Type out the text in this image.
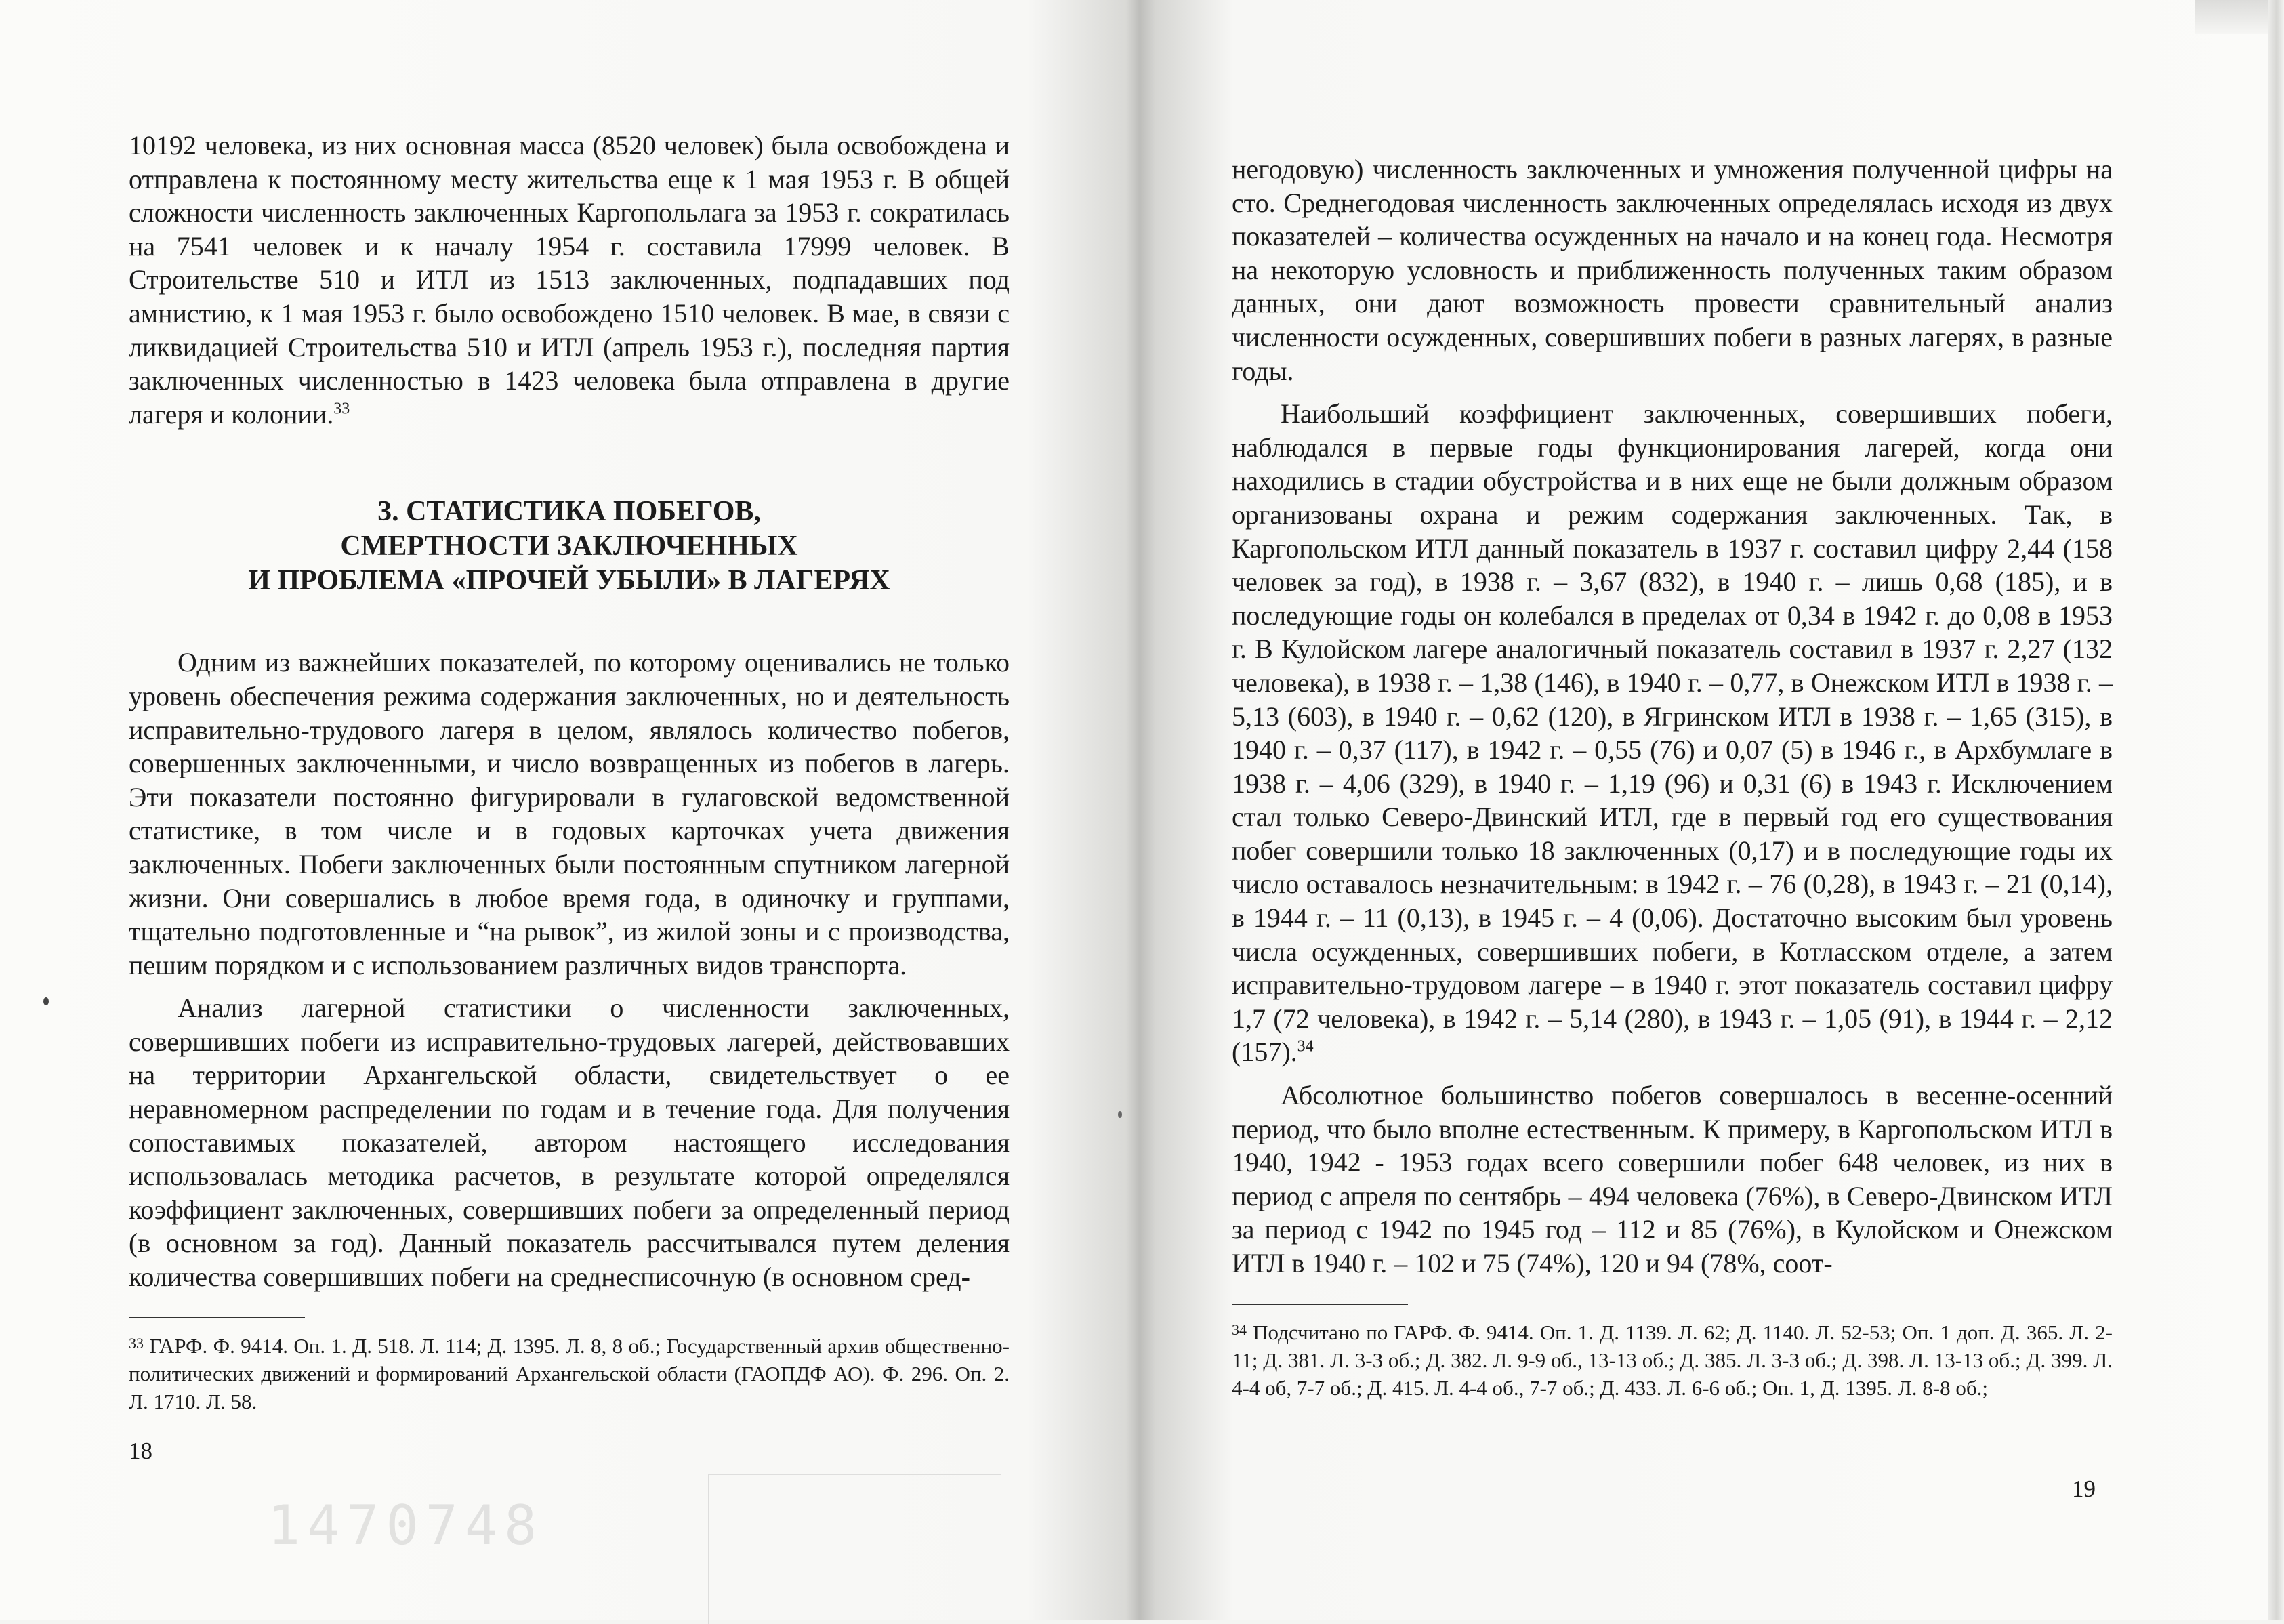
10192 человека, из них основная масса (8520 человек) была освобождена и отправлена к постоянному месту жительства еще к 1 мая 1953 г. В общей сложности численность заключенных Каргопольлага за 1953 г. сократилась на 7541 человек и к началу 1954 г. составила 17999 человек. В Строительстве 510 и ИТЛ из 1513 заключенных, подпадавших под амнистию, к 1 мая 1953 г. было освобождено 1510 человек. В мае, в связи с ликвидацией Строительства 510 и ИТЛ (апрель 1953 г.), последняя партия заключенных численностью в 1423 человека была отправлена в другие лагеря и колонии.$^{33}$

3. СТАТИСТИКА ПОБЕГОВ,
СМЕРТНОСТИ ЗАКЛЮЧЕННЫХ
И ПРОБЛЕМА «ПРОЧЕЙ УБЫЛИ» В ЛАГЕРЯХ

Одним из важнейших показателей, по которому оценивались не только уровень обеспечения режима содержания заключенных, но и деятельность исправительно-трудового лагеря в целом, являлось количество побегов, совершенных заключенными, и число возвращенных из побегов в лагерь. Эти показатели постоянно фигурировали в гулаговской ведомственной статистике, в том числе и в годовых карточках учета движения заключенных. Побеги заключенных были постоянным спутником лагерной жизни. Они совершались в любое время года, в одиночку и группами, тщательно подготовленные и “на рывок”, из жилой зоны и с производства, пешим порядком и с использованием различных видов транспорта.

Анализ лагерной статистики о численности заключенных, совершивших побеги из исправительно-трудовых лагерей, действовавших на территории Архангельской области, свидетельствует о ее неравномерном распределении по годам и в течение года. Для получения сопоставимых показателей, автором настоящего исследования использовалась методика расчетов, в результате которой определялся коэффициент заключенных, совершивших побеги за определенный период (в основном за год). Данный показатель рассчитывался путем деления количества совершивших побеги на среднесписочную (в основном сред-

$^{33}$ ГАРФ. Ф. 9414. Оп. 1. Д. 518. Л. 114; Д. 1395. Л. 8, 8 об.; Государственный архив общественно-политических движений и формирований Архангельской области (ГАОПДФ АО). Ф. 296. Оп. 2. Л. 1710. Л. 58.

18

негодовую) численность заключенных и умножения полученной цифры на сто. Среднегодовая численность заключенных определялась исходя из двух показателей – количества осужденных на начало и на конец года. Несмотря на некоторую условность и приближенность полученных таким образом данных, они дают возможность провести сравнительный анализ численности осужденных, совершивших побеги в разных лагерях, в разные годы.

Наибольший коэффициент заключенных, совершивших побеги, наблюдался в первые годы функционирования лагерей, когда они находились в стадии обустройства и в них еще не были должным образом организованы охрана и режим содержания заключенных. Так, в Каргопольском ИТЛ данный показатель в 1937 г. составил цифру 2,44 (158 человек за год), в 1938 г. – 3,67 (832), в 1940 г. – лишь 0,68 (185), и в последующие годы он колебался в пределах от 0,34 в 1942 г. до 0,08 в 1953 г. В Кулойском лагере аналогичный показатель составил в 1937 г. 2,27 (132 человека), в 1938 г. – 1,38 (146), в 1940 г. – 0,77, в Онежском ИТЛ в 1938 г. – 5,13 (603), в 1940 г. – 0,62 (120), в Ягринском ИТЛ в 1938 г. – 1,65 (315), в 1940 г. – 0,37 (117), в 1942 г. – 0,55 (76) и 0,07 (5) в 1946 г., в Архбумлаге в 1938 г. – 4,06 (329), в 1940 г. – 1,19 (96) и 0,31 (6) в 1943 г. Исключением стал только Северо-Двинский ИТЛ, где в первый год его существования побег совершили только 18 заключенных (0,17) и в последующие годы их число оставалось незначительным: в 1942 г. – 76 (0,28), в 1943 г. – 21 (0,14), в 1944 г. – 11 (0,13), в 1945 г. – 4 (0,06). Достаточно высоким был уровень числа осужденных, совершивших побеги, в Котласском отделе, а затем исправительно-трудовом лагере – в 1940 г. этот показатель составил цифру 1,7 (72 человека), в 1942 г. – 5,14 (280), в 1943 г. – 1,05 (91), в 1944 г. – 2,12 (157).$^{34}$

Абсолютное большинство побегов совершалось в весенне-осенний период, что было вполне естественным. К примеру, в Каргопольском ИТЛ в 1940, 1942 - 1953 годах всего совершили побег 648 человек, из них в период с апреля по сентябрь – 494 человека (76%), в Северо-Двинском ИТЛ за период с 1942 по 1945 год – 112 и 85 (76%), в Кулойском и Онежском ИТЛ в 1940 г. – 102 и 75 (74%), 120 и 94 (78%, соот-

$^{34}$ Подсчитано по ГАРФ. Ф. 9414. Оп. 1. Д. 1139. Л. 62; Д. 1140. Л. 52-53; Оп. 1 доп. Д. 365. Л. 2-11; Д. 381. Л. 3-3 об.; Д. 382. Л. 9-9 об., 13-13 об.; Д. 385. Л. 3-3 об.; Д. 398. Л. 13-13 об.; Д. 399. Л. 4-4 об, 7-7 об.; Д. 415. Л. 4-4 об., 7-7 об.; Д. 433. Л. 6-6 об.; Оп. 1, Д. 1395. Л. 8-8 об.;

19
1470748
